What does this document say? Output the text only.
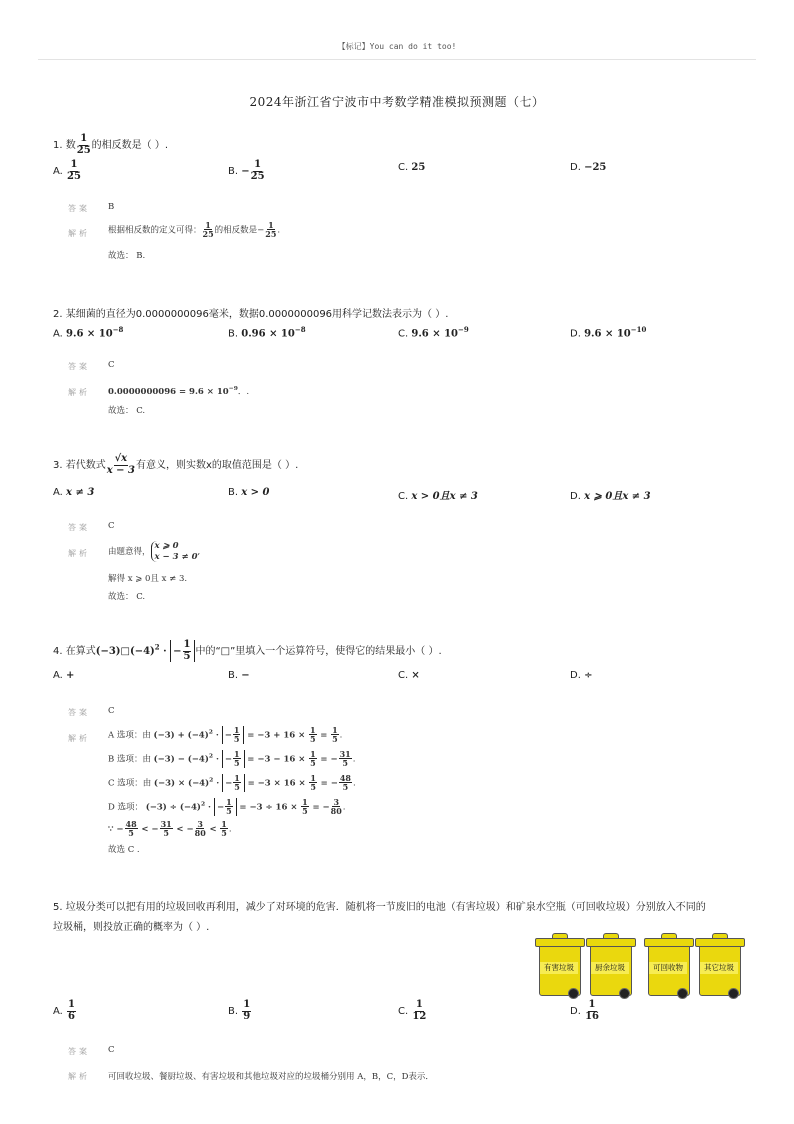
【标记】You can do it too!
2024年浙江省宁波市中考数学精准模拟预测题（七）
1. 数 $\frac{1}{25}$ 的相反数是（ ）.
A. $\frac{1}{25}$	B. − $\frac{1}{25}$	C. 25	D. −25
答案 B
解析 根据相反数的定义可得： $\frac{1}{25}$ 的相反数是− $\frac{1}{25}$ .
故选： B.
2. 某细菌的直径为0.0000000096毫米，数据0.0000000096用科学记数法表示为（ ）.
A. $9.6 \times 10^{-8}$	B. $0.96 \times 10^{-8}$	C. $9.6 \times 10^{-9}$	D. $9.6 \times 10^{-10}$
答案 C
解析 $0.0000000096 = 9.6 \times 10^{-9}$．.
故选： C.
3. 若代数式 $\frac{√x}{x - 3}$ 有意义，则实数x的取值范围是（ ）.
A. x ≠ 3	B. x > 0	C. x > 0且x ≠ 3	D. x ⩾ 0且x ≠ 3
答案 C
解析 由题意得，x ⩾ 0
x − 3 ≠ 0,
解得 x ⩾ 0且 x ≠ 3.
故选： C.
4. 在算式$(-3)□(-4)^2$ · − $\frac{1}{5}$ 中的“□”里填入一个运算符号，使得它的结果最小（ ）.
A. +	B. −	C. ×	D. ÷
答案 C
解析 A 选项：由 $(-3) + (-4)^2$ · − $\frac{1}{5} = -3 + 16 \times \frac{1}{5} = \frac{1}{5}$ .
B 选项：由 $(-3) - (-4)^2$ · − $\frac{1}{5} = -3 - 16 \times \frac{1}{5}$ = − $\frac{31}{5}$ .
C 选项：由 $(-3) \times (-4)^2$ · − $\frac{1}{5} = -3 \times 16 \times \frac{1}{5}$ = − $\frac{48}{5}$ .
D 选项： $(-3) \div (-4)^2$ · − $\frac{1}{5} = -3 \div 16 \times \frac{1}{5}$ = − $\frac{3}{80}$ .
∵ − $\frac{48}{5}$ < − $\frac{31}{5}$ < − $\frac{3}{80} < \frac{1}{5}$ .
故选 C .
5. 垃圾分类可以把有用的垃圾回收再利用，减少了对环境的危害．随机将一节废旧的电池（有害垃圾）和矿泉水空瓶（可回收垃圾）分别放入不同的
垃圾桶，则投放正确的概率为（ ）.
有害垃圾	厨余垃圾	可回收物	其它垃圾
A. $\frac{1}{6}$	B. $\frac{1}{9}$	C. $\frac{1}{12}$	D. $\frac{1}{16}$
答案 C
解析 可回收垃圾、餐厨垃圾、有害垃圾和其他垃圾对应的垃圾桶分别用 A，B，C，D表示．
